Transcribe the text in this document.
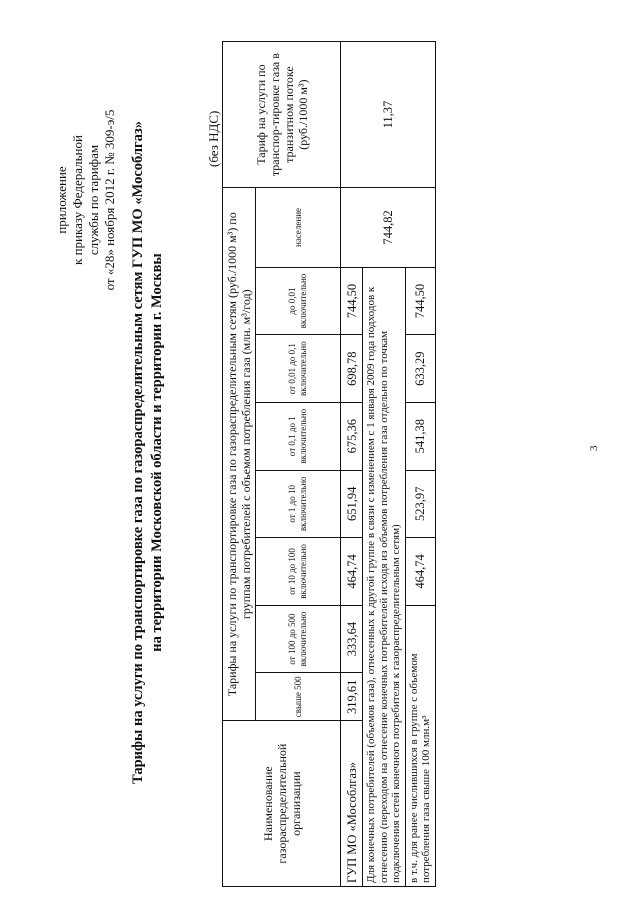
приложение к приказу Федеральной службы по тарифам от «28» ноября 2012 г. № 309-э/5 Тарифы на услуги по транспортировке газа по газораспределительным сетям ГУП МО «Мособлгаз» на территории Московской области и территории г. Москвы
(без НДС)
Наименование газораспределительной организации	Тарифы на услуги по транспортировке газа по газораспределительным сетям (руб./1000 м³) по группам потребителей с объемом потребления газа (млн. м³/год)								Тариф на услуги по транспор-тировке газа в транзитном потоке (руб./1000 м³)
	свыше 500	от 100 до 500 включительно	от 10 до 100 включительно	от 1 до 10 включительно	от 0,1 до 1 включительно	от 0,01 до 0,1 включительно	до 0,01 включительно	население	
ГУП МО «Мособлгаз»	319,61	333,64	464,74	651,94	675,36	698,78	744,50	744,82	11,37
Для конечных потребителей (объемов газа), отнесенных к другой группе в связи с изменением с 1 января 2009 года подходов к отнесению (переходом на отнесение конечных потребителей исходя из объемов потребления газа отдельно по точкам подключения сетей конечного потребителя к газораспределительным сетям)									
в т.ч. для ранее числившихся в группе с объемом потребления газа свыше 100 млн.м³			464,74	523,97	541,38	633,29	744,50		
3
